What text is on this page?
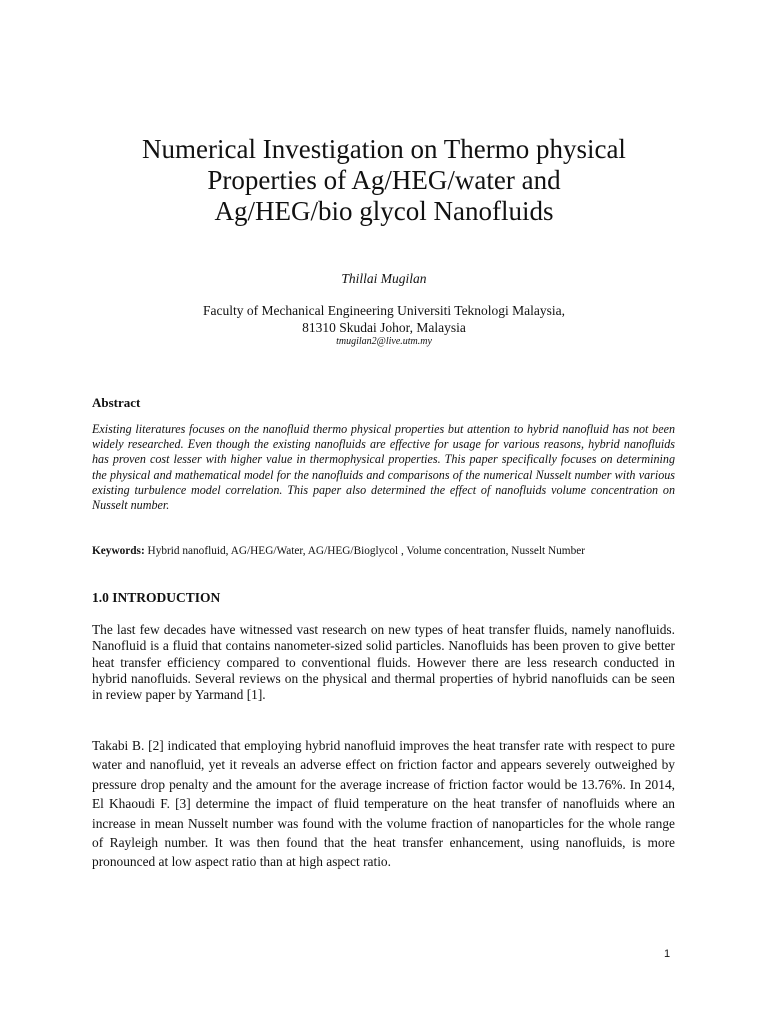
Numerical Investigation on Thermo physical
Properties of Ag/HEG/water and
Ag/HEG/bio glycol Nanofluids
Thillai Mugilan
Faculty of Mechanical Engineering Universiti Teknologi Malaysia,
81310 Skudai Johor, Malaysia
tmugilan2@live.utm.my
Abstract

Existing literatures focuses on the nanofluid thermo physical properties but attention to hybrid nanofluid has not been widely researched. Even though the existing nanofluids are effective for usage for various reasons, hybrid nanofluids has proven cost lesser with higher value in thermophysical properties. This paper specifically focuses on determining the physical and mathematical model for the nanofluids and comparisons of the numerical Nusselt number with various existing turbulence model correlation. This paper also determined the effect of nanofluids volume concentration on Nusselt number.

Keywords: Hybrid nanofluid, AG/HEG/Water, AG/HEG/Bioglycol , Volume concentration, Nusselt Number
1.0 INTRODUCTION

The last few decades have witnessed vast research on new types of heat transfer fluids, namely nanofluids. Nanofluid is a fluid that contains nanometer-sized solid particles. Nanofluids has been proven to give better heat transfer efficiency compared to conventional fluids. However there are less research conducted in hybrid nanofluids. Several reviews on the physical and thermal properties of hybrid nanofluids can be seen in review paper by Yarmand [1].

Takabi B. [2] indicated that employing hybrid nanofluid improves the heat transfer rate with respect to pure water and nanofluid, yet it reveals an adverse effect on friction factor and appears severely outweighed by pressure drop penalty and the amount for the average increase of friction factor would be 13.76%. In 2014, El Khaoudi F. [3] determine the impact of fluid temperature on the heat transfer of nanofluids where an increase in mean Nusselt number was found with the volume fraction of nanoparticles for the whole range of Rayleigh number. It was then found that the heat transfer enhancement, using nanofluids, is more pronounced at low aspect ratio than at high aspect ratio.

1
